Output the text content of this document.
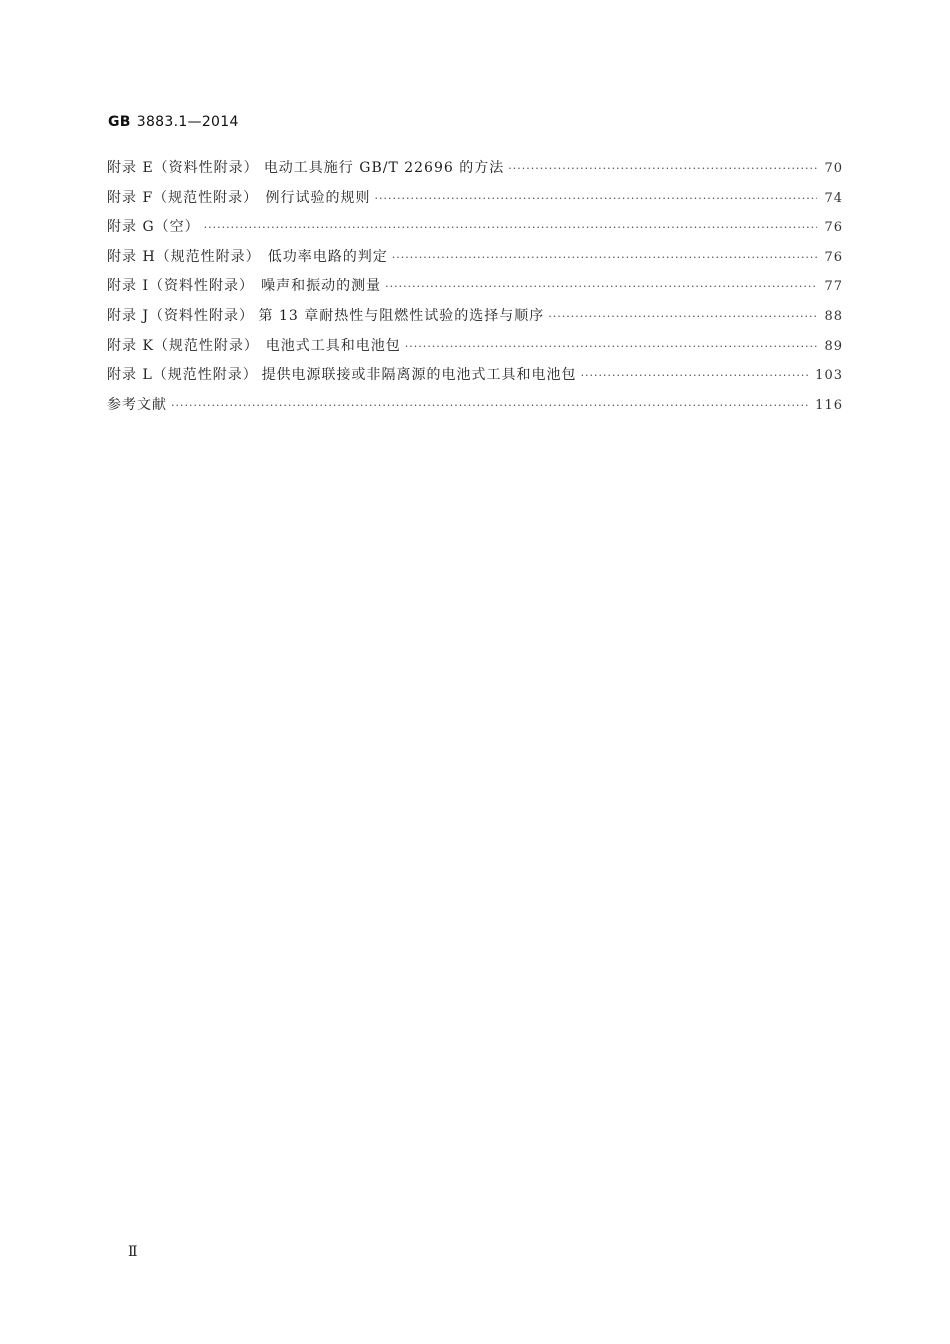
GB 3883.1—2014
附录 E（资料性附录） 电动工具施行 GB/T 22696 的方法 ·····	70
附录 F（规范性附录） 例行试验的规则 ·····	74
附录 G（空） ·····	76
附录 H（规范性附录） 低功率电路的判定 ·····	76
附录 I（资料性附录） 噪声和振动的测量 ·····	77
附录 J（资料性附录） 第 13 章耐热性与阻燃性试验的选择与顺序 ·····	88
附录 K（规范性附录） 电池式工具和电池包 ·····	89
附录 L（规范性附录） 提供电源联接或非隔离源的电池式工具和电池包 ·····	103
参考文献 ·····	116
Ⅱ
